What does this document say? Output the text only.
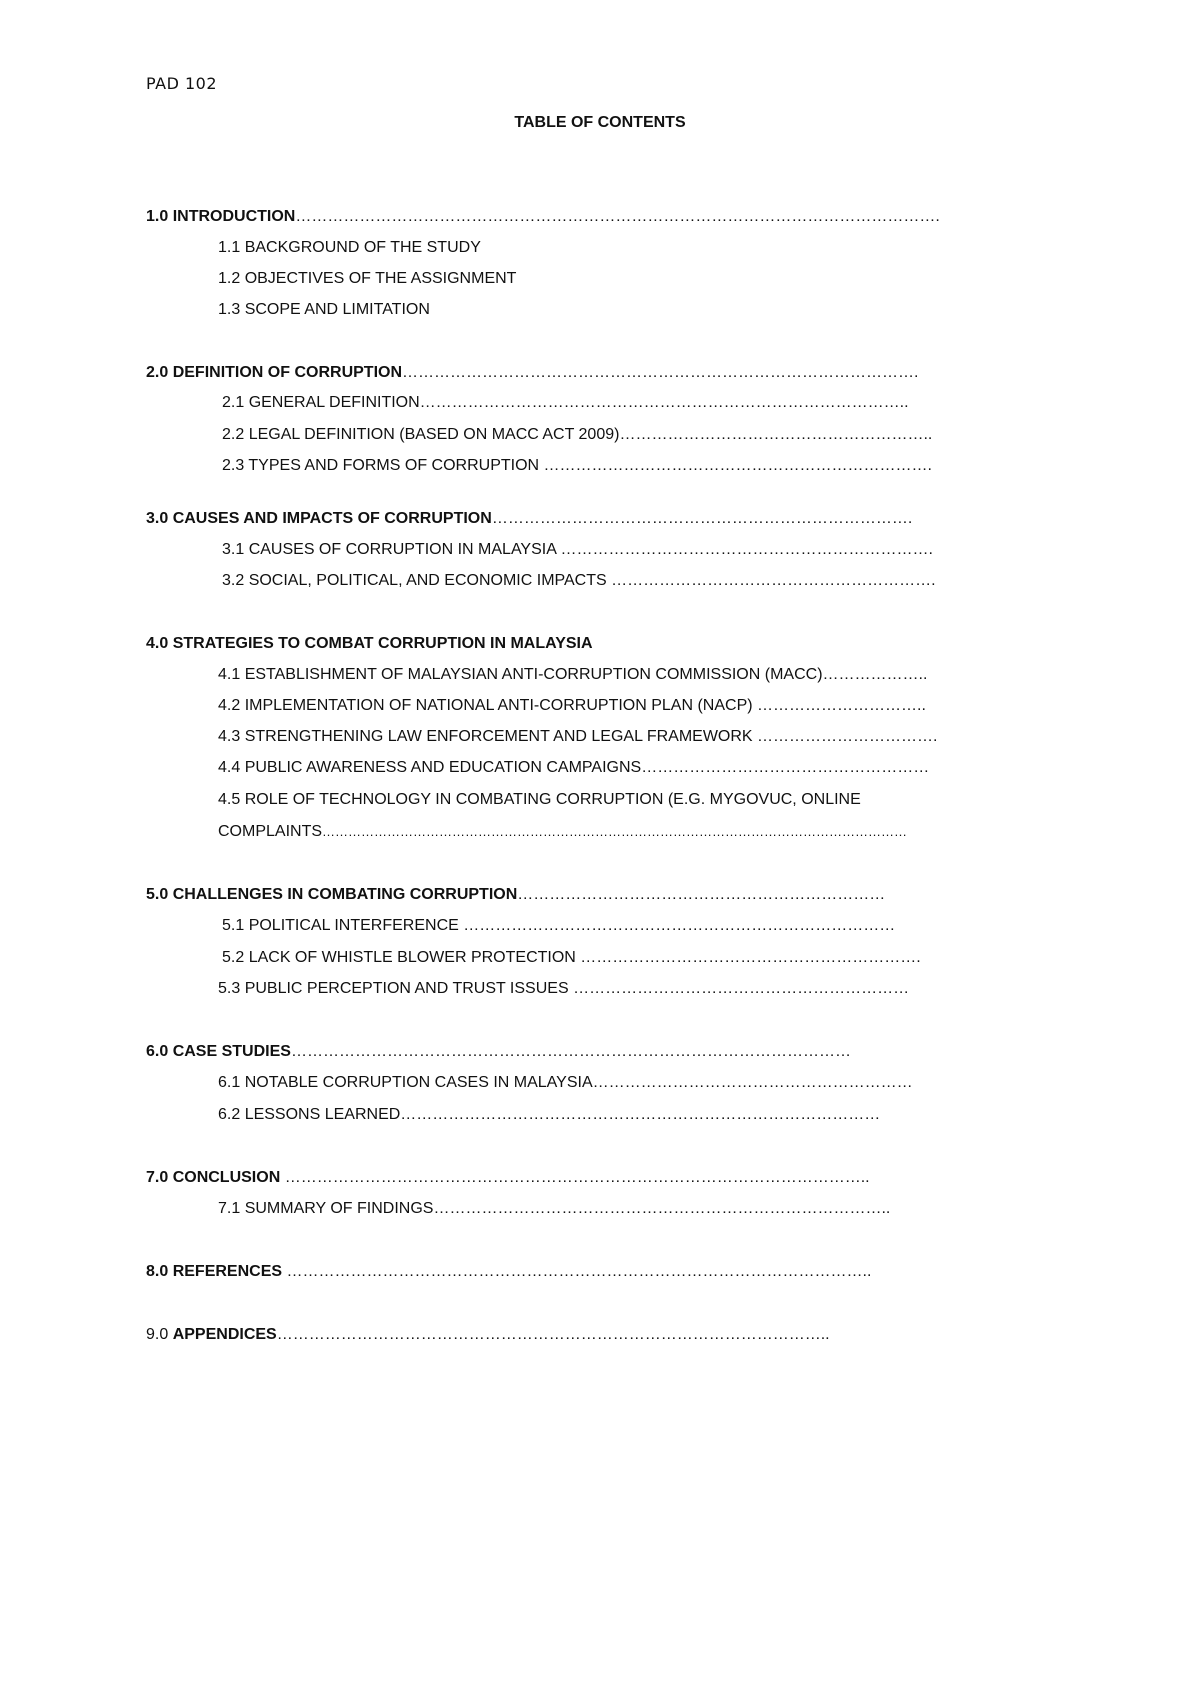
PAD 102
TABLE OF CONTENTS
1.0 INTRODUCTION………………………………………………………………………………………………………….
1.1 BACKGROUND OF THE STUDY
1.2 OBJECTIVES OF THE ASSIGNMENT
1.3 SCOPE AND LIMITATION
2.0 DEFINITION OF CORRUPTION…………………………………………………………………………………….
2.1 GENERAL DEFINITION………………………………………………………………………………..
2.2 LEGAL DEFINITION (BASED ON MACC ACT 2009)…………………………………………………..
2.3 TYPES AND FORMS OF CORRUPTION ……………………………………………………………….
3.0 CAUSES AND IMPACTS OF CORRUPTION…………………………………………………………………….
3.1 CAUSES OF CORRUPTION IN MALAYSIA …………………………………………………………….
3.2 SOCIAL, POLITICAL, AND ECONOMIC IMPACTS …………………………………………………….
4.0 STRATEGIES TO COMBAT CORRUPTION IN MALAYSIA
4.1 ESTABLISHMENT OF MALAYSIAN ANTI-CORRUPTION COMMISSION (MACC)………………..
4.2 IMPLEMENTATION OF NATIONAL ANTI-CORRUPTION PLAN (NACP) …………………………..
4.3 STRENGTHENING LAW ENFORCEMENT AND LEGAL FRAMEWORK …………………………….
4.4 PUBLIC AWARENESS AND EDUCATION CAMPAIGNS………………………………………………
4.5 ROLE OF TECHNOLOGY IN COMBATING CORRUPTION (E.G. MYGOVUC, ONLINE
COMPLAINTS………………………………………………………………………………………………………………………
5.0 CHALLENGES IN COMBATING CORRUPTION……………………………………………………………
5.1 POLITICAL INTERFERENCE ………………………………………………………………………
5.2 LACK OF WHISTLE BLOWER PROTECTION ……………………………………………………….
5.3 PUBLIC PERCEPTION AND TRUST ISSUES ………………………………………………………
6.0 CASE STUDIES……………………………………………………………………………………………
6.1 NOTABLE CORRUPTION CASES IN MALAYSIA……………………………………………………
6.2 LESSONS LEARNED………………………………………………………………………………
7.0 CONCLUSION ………………………………………………………………………………………………..
7.1 SUMMARY OF FINDINGS…………………………………………………………………………..
8.0 REFERENCES ………………………………………………………………………………………………..
9.0 APPENDICES…………………………………………………………………………………………..
